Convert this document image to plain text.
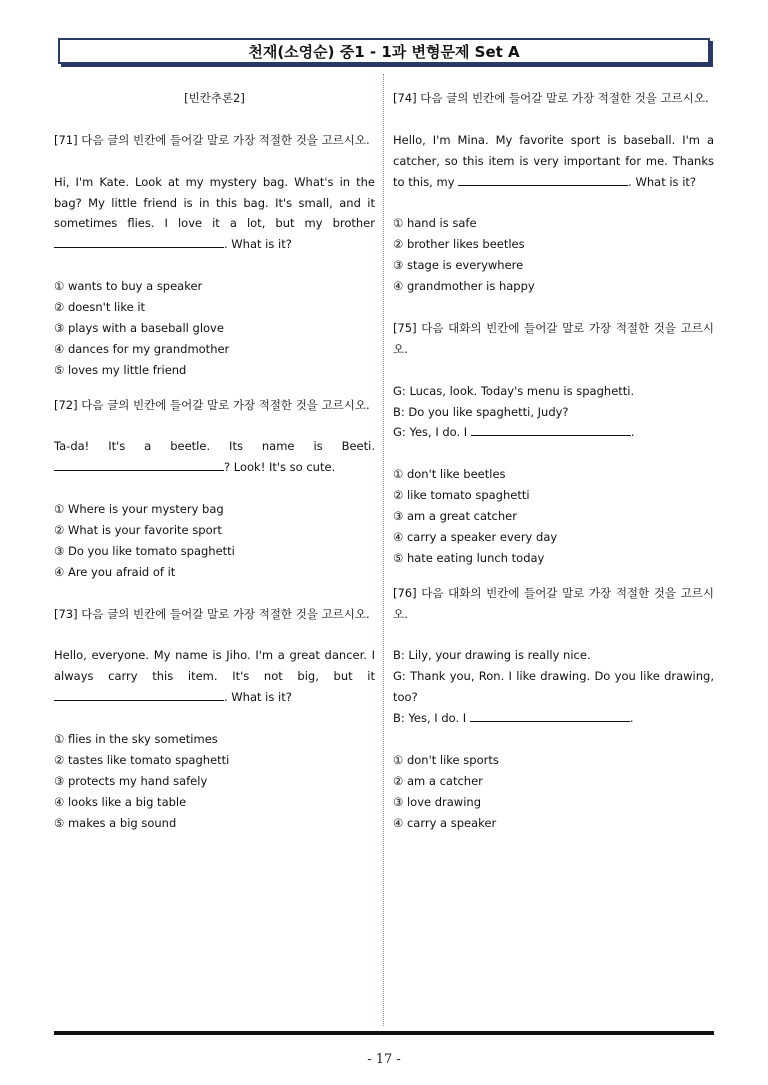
천재(소영순) 중1 - 1과 변형문제 Set A

[빈칸추론2]

[71] 다음 글의 빈칸에 들어갈 말로 가장 적절한 것을 고르시오.

Hi, I'm Kate. Look at my mystery bag. What's in the bag? My little friend is in this bag. It's small, and it sometimes flies. I love it a lot, but my brother . What is it?

① wants to buy a speaker

② doesn't like it

③ plays with a baseball glove

④ dances for my grandmother

⑤ loves my little friend

[72] 다음 글의 빈칸에 들어갈 말로 가장 적절한 것을 고르시오.

Ta-da! It's a beetle. Its name is Beeti.

? Look! It's so cute.

① Where is your mystery bag

② What is your favorite sport

③ Do you like tomato spaghetti

④ Are you afraid of it

[73] 다음 글의 빈칸에 들어갈 말로 가장 적절한 것을 고르시오.

Hello, everyone. My name is Jiho. I'm a great dancer. I always carry this item. It's not big, but it . What is it?

① flies in the sky sometimes

② tastes like tomato spaghetti

③ protects my hand safely

④ looks like a big table

⑤ makes a big sound

[74] 다음 글의 빈칸에 들어갈 말로 가장 적절한 것을 고르시오.

Hello, I'm Mina. My favorite sport is baseball. I'm a catcher, so this item is very important for me. Thanks to this, my	. What is it?

① hand is safe

② brother likes beetles

③ stage is everywhere

④ grandmother is happy

[75] 다음 대화의 빈칸에 들어갈 말로 가장 적절한 것을 고르시오.

G: Lucas, look. Today's menu is spaghetti.

B: Do you like spaghetti, Judy?

G: Yes, I do. I	.

① don't like beetles

② like tomato spaghetti

③ am a great catcher

④ carry a speaker every day

⑤ hate eating lunch today

[76] 다음 대화의 빈칸에 들어갈 말로 가장 적절한 것을 고르시오.

B: Lily, your drawing is really nice.

G: Thank you, Ron. I like drawing. Do you like drawing, too?

B: Yes, I do. I	.

① don't like sports

② am a catcher

③ love drawing

④ carry a speaker

- 17 -
